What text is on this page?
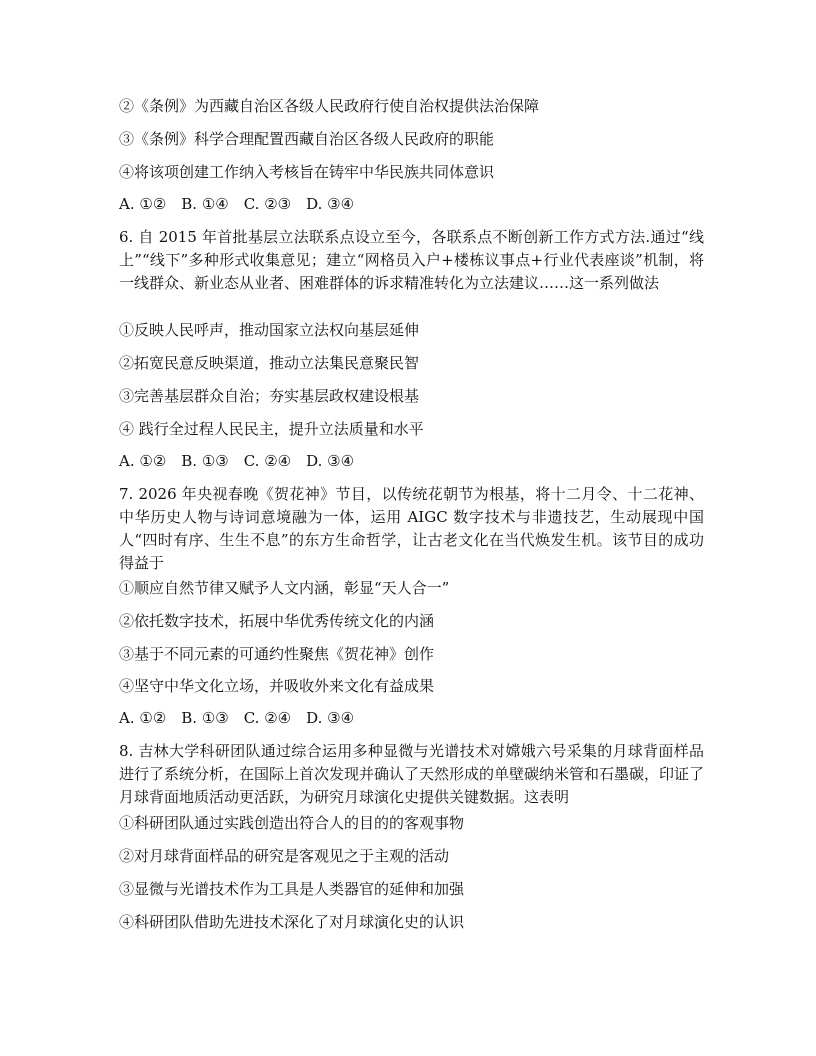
②《条例》为西藏自治区各级人民政府行使自治权提供法治保障
③《条例》科学合理配置西藏自治区各级人民政府的职能
④将该项创建工作纳入考核旨在铸牢中华民族共同体意识
A. ①②　B. ①④　C. ②③　D. ③④
6. 自 2015 年首批基层立法联系点设立至今，各联系点不断创新工作方式方法.通过“线上”“线下”多种形式收集意见；建立“网格员入户+楼栋议事点+行业代表座谈”机制，将一线群众、新业态从业者、困难群体的诉求精准转化为立法建议……这一系列做法
①反映人民呼声，推动国家立法权向基层延伸
②拓宽民意反映渠道，推动立法集民意聚民智
③完善基层群众自治；夯实基层政权建设根基
④ 践行全过程人民民主，提升立法质量和水平
A. ①②　B. ①③　C. ②④　D. ③④
7. 2026 年央视春晚《贺花神》节目，以传统花朝节为根基，将十二月令、十二花神、中华历史人物与诗词意境融为一体，运用 AIGC 数字技术与非遗技艺，生动展现中国人“四时有序、生生不息”的东方生命哲学，让古老文化在当代焕发生机。该节目的成功得益于
①顺应自然节律又赋予人文内涵，彰显“天人合一”
②依托数字技术，拓展中华优秀传统文化的内涵
③基于不同元素的可通约性聚焦《贺花神》创作
④坚守中华文化立场，并吸收外来文化有益成果
A. ①②　B. ①③　C. ②④　D. ③④
8. 吉林大学科研团队通过综合运用多种显微与光谱技术对嫦娥六号采集的月球背面样品进行了系统分析，在国际上首次发现并确认了天然形成的单壁碳纳米管和石墨碳，印证了月球背面地质活动更活跃，为研究月球演化史提供关键数据。这表明
①科研团队通过实践创造出符合人的目的的客观事物
②对月球背面样品的研究是客观见之于主观的活动
③显微与光谱技术作为工具是人类器官的延伸和加强
④科研团队借助先进技术深化了对月球演化史的认识
